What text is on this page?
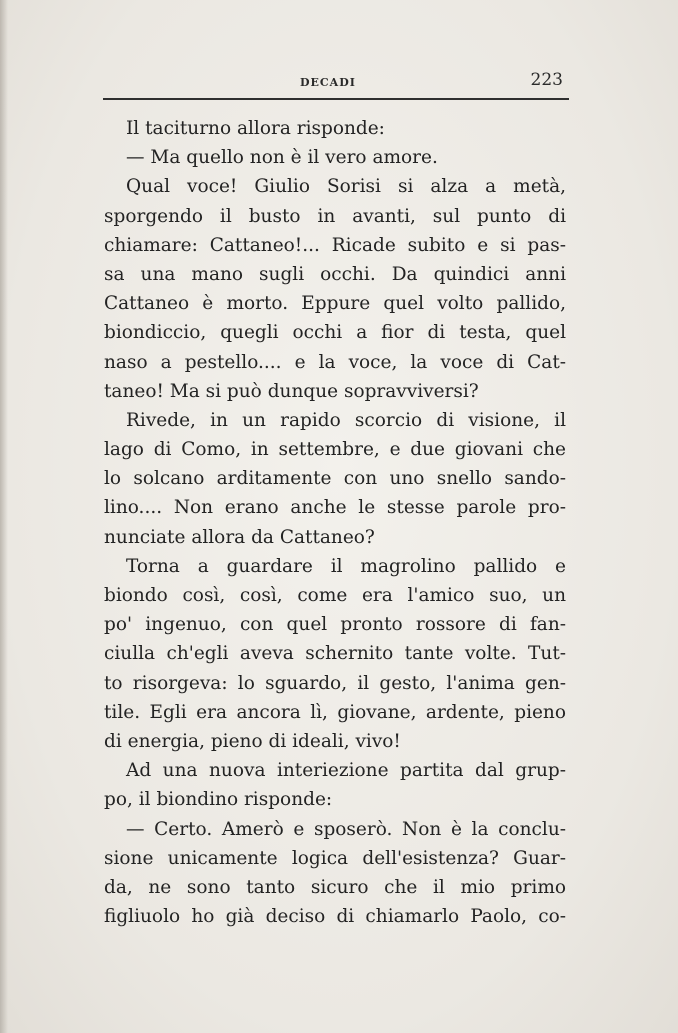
DECADI	223
Il taciturno allora risponde:
— Ma quello non è il vero amore.
Qual voce! Giulio Sorisi si alza a metà,
sporgendo il busto in avanti, sul punto di
chiamare: Cattaneo!... Ricade subito e si pas-
sa una mano sugli occhi. Da quindici anni
Cattaneo è morto. Eppure quel volto pallido,
biondiccio, quegli occhi a fior di testa, quel
naso a pestello.... e la voce, la voce di Cat-
taneo! Ma si può dunque sopravviversi?
Rivede, in un rapido scorcio di visione, il
lago di Como, in settembre, e due giovani che
lo solcano arditamente con uno snello sando-
lino.... Non erano anche le stesse parole pro-
nunciate allora da Cattaneo?
Torna a guardare il magrolino pallido e
biondo così, così, come era l'amico suo, un
po' ingenuo, con quel pronto rossore di fan-
ciulla ch'egli aveva schernito tante volte. Tut-
to risorgeva: lo sguardo, il gesto, l'anima gen-
tile. Egli era ancora lì, giovane, ardente, pieno
di energia, pieno di ideali, vivo!
Ad una nuova interiezione partita dal grup-
po, il biondino risponde:
— Certo. Amerò e sposerò. Non è la conclu-
sione unicamente logica dell'esistenza? Guar-
da, ne sono tanto sicuro che il mio primo
figliuolo ho già deciso di chiamarlo Paolo, co-
